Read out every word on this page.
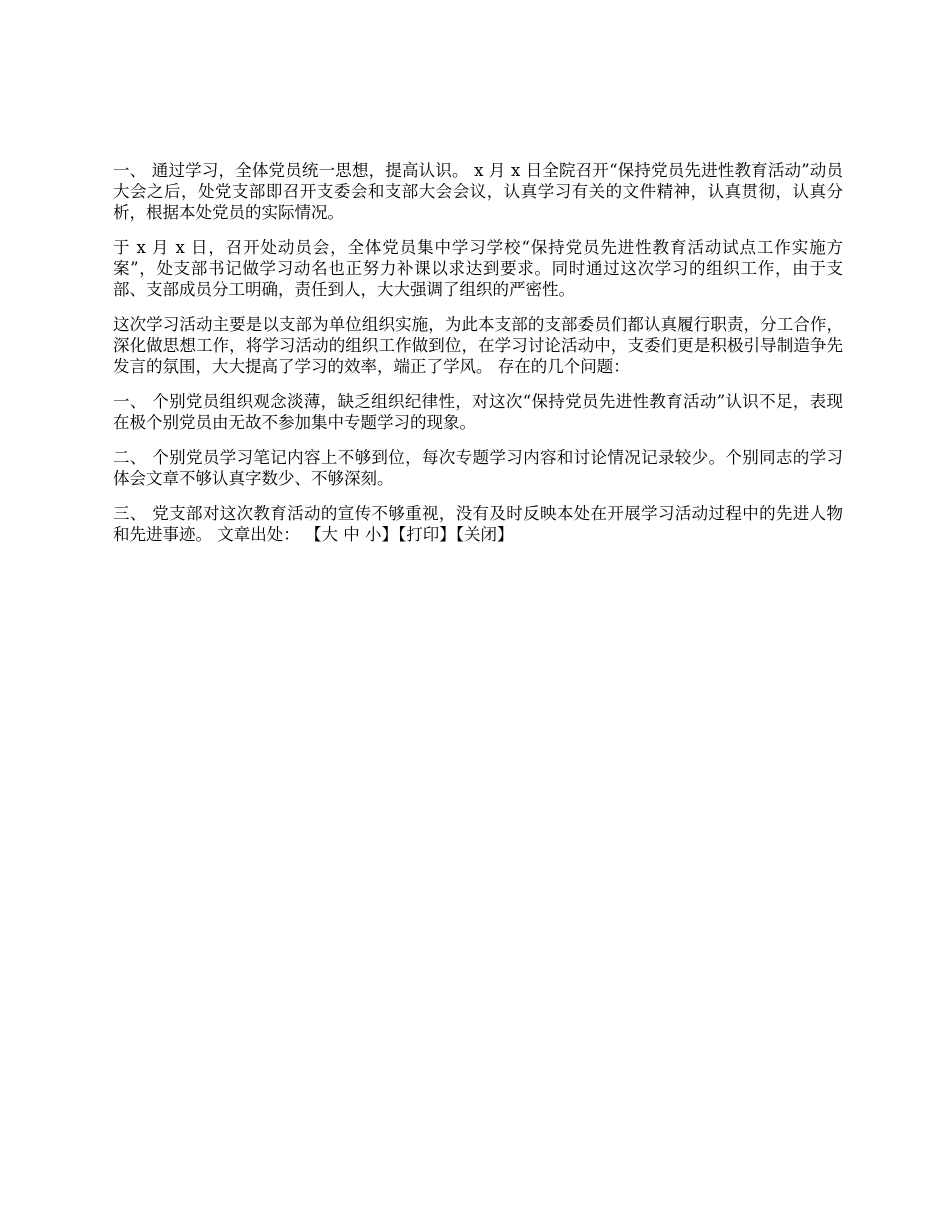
一、 通过学习，全体党员统一思想，提高认识。 x 月 x 日全院召开“保持党员先进性教育活动”动员大会之后，处党支部即召开支委会和支部大会会议，认真学习有关的文件精神，认真贯彻，认真分析，根据本处党员的实际情况。

于 x 月 x 日，召开处动员会，全体党员集中学习学校“保持党员先进性教育活动试点工作实施方案”，处支部书记做学习动名也正努力补课以求达到要求。同时通过这次学习的组织工作，由于支部、支部成员分工明确，责任到人，大大强调了组织的严密性。

这次学习活动主要是以支部为单位组织实施，为此本支部的支部委员们都认真履行职责，分工合作，深化做思想工作，将学习活动的组织工作做到位，在学习讨论活动中，支委们更是积极引导制造争先发言的氛围，大大提高了学习的效率，端正了学风。 存在的几个问题：

一、 个别党员组织观念淡薄，缺乏组织纪律性，对这次“保持党员先进性教育活动”认识不足，表现在极个别党员由无故不参加集中专题学习的现象。

二、 个别党员学习笔记内容上不够到位，每次专题学习内容和讨论情况记录较少。个别同志的学习体会文章不够认真字数少、不够深刻。

三、 党支部对这次教育活动的宣传不够重视，没有及时反映本处在开展学习活动过程中的先进人物和先进事迹。 文章出处： 【大 中 小】【打印】【关闭】
